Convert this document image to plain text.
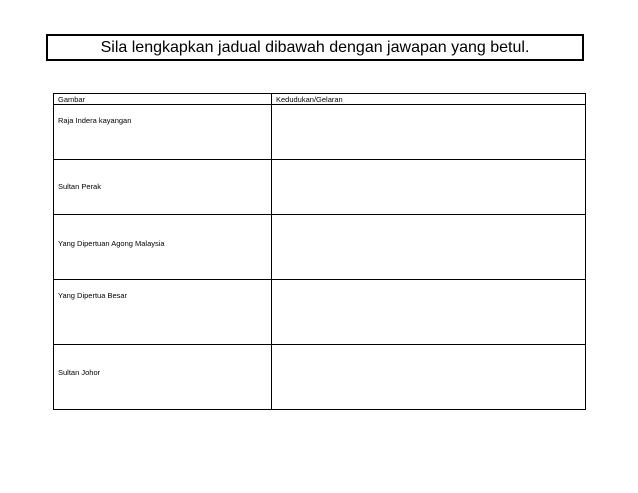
Sila lengkapkan jadual dibawah dengan jawapan yang betul.
Gambar	Kedudukan/Gelaran

Raja Indera kayangan	

Sultan Perak	

Yang Dipertuan Agong Malaysia	

Yang Dipertua Besar	

Sultan Johor	
